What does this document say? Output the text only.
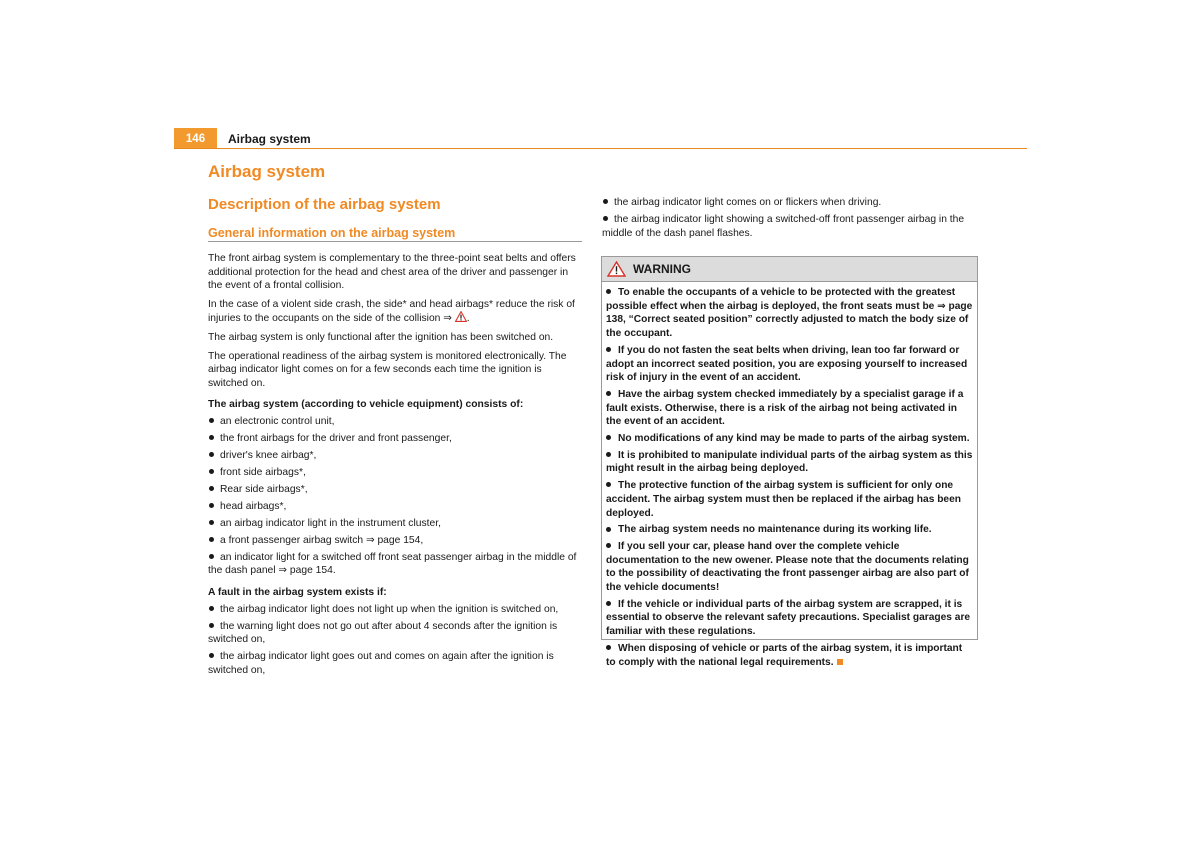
146	Airbag system
Airbag system
Description of the airbag system
General information on the airbag system

The front airbag system is complementary to the three-point seat belts and offers additional protection for the head and chest area of the driver and passenger in the event of a frontal collision.

In the case of a violent side crash, the side* and head airbags* reduce the risk of injuries to the occupants on the side of the collision ⇒ .

The airbag system is only functional after the ignition has been switched on.

The operational readiness of the airbag system is monitored electronically. The airbag indicator light comes on for a few seconds each time the ignition is switched on.

The airbag system (according to vehicle equipment) consists of:
an electronic control unit,
the front airbags for the driver and front passenger,
driver's knee airbag*,
front side airbags*,
Rear side airbags*,
head airbags*,
an airbag indicator light in the instrument cluster,
a front passenger airbag switch ⇒ page 154,
an indicator light for a switched off front seat passenger airbag in the middle of the dash panel ⇒ page 154.
A fault in the airbag system exists if:
the airbag indicator light does not light up when the ignition is switched on,
the warning light does not go out after about 4 seconds after the ignition is switched on,
the airbag indicator light goes out and comes on again after the ignition is switched on,
the airbag indicator light comes on or flickers when driving.
the airbag indicator light showing a switched-off front passenger airbag in the middle of the dash panel flashes.
WARNING
To enable the occupants of a vehicle to be protected with the greatest possible effect when the airbag is deployed, the front seats must be ⇒ page 138, “Correct seated position” correctly adjusted to match the body size of the occupant.
If you do not fasten the seat belts when driving, lean too far forward or adopt an incorrect seated position, you are exposing yourself to increased risk of injury in the event of an accident.
Have the airbag system checked immediately by a specialist garage if a fault exists. Otherwise, there is a risk of the airbag not being activated in the event of an accident.
No modifications of any kind may be made to parts of the airbag system.
It is prohibited to manipulate individual parts of the airbag system as this might result in the airbag being deployed.
The protective function of the airbag system is sufficient for only one accident. The airbag system must then be replaced if the airbag has been deployed.
The airbag system needs no maintenance during its working life.
If you sell your car, please hand over the complete vehicle documentation to the new owener. Please note that the documents relating to the possibility of deactivating the front passenger airbag are also part of the vehicle documents!
If the vehicle or individual parts of the airbag system are scrapped, it is essential to observe the relevant safety precautions. Specialist garages are familiar with these regulations.
When disposing of vehicle or parts of the airbag system, it is important to comply with the national legal requirements.
